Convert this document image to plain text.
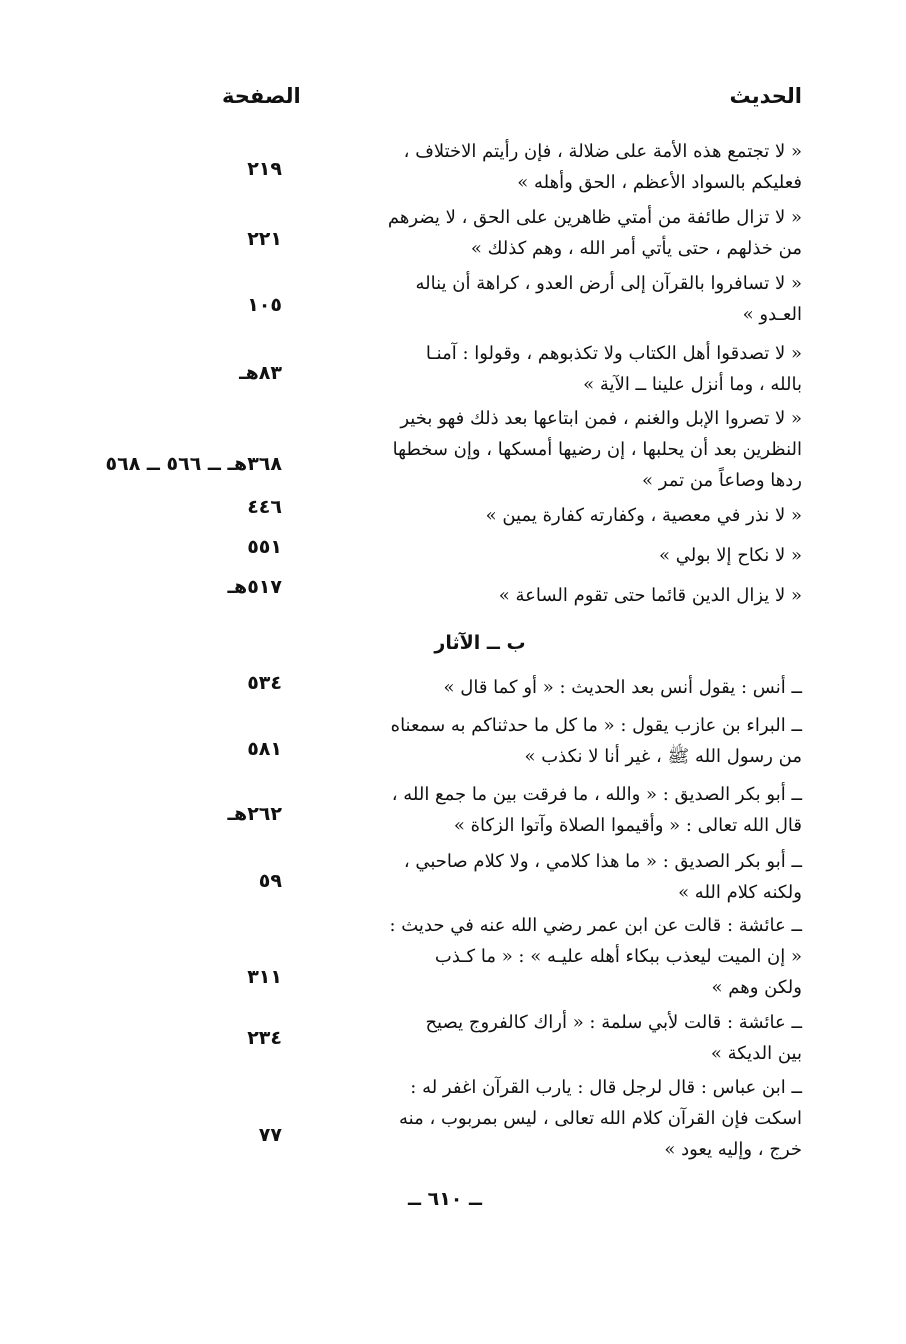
الحديث
الصفحة
« لا تجتمع هذه الأمة على ضلالة ، فإن رأيتم الاختلاف ،
فعليكم بالسواد الأعظم ، الحق وأهله »
٢١٩
« لا تزال طائفة من أمتي ظاهرين على الحق ، لا يضرهم
من خذلهم ، حتى يأتي أمر الله ، وهم كذلك »
٢٢١
« لا تسافروا بالقرآن إلى أرض العدو ، كراهة أن يناله
العـدو »
١٠٥
« لا تصدقوا أهل الكتاب ولا تكذبوهم ، وقولوا : آمنـا
بالله ، وما أنزل علينا ــ الآية »
٨٣هـ
« لا تصروا الإبل والغنم ، فمن ابتاعها بعد ذلك فهو بخير
النظرين بعد أن يحلبها ، إن رضيها أمسكها ، وإن سخطها
ردها وصاعاً من تمر »
٣٦٨هـ ــ ٥٦٦ ــ ٥٦٨
« لا نذر في معصية ، وكفارته كفارة يمين »
٤٤٦
« لا نكاح إلا بولي »
٥٥١
« لا يزال الدين قائما حتى تقوم الساعة »
٥١٧هـ
ب ــ الآثار
ــ أنس : يقول أنس بعد الحديث : « أو كما قال »
٥٣٤
ــ البراء بن عازب يقول : « ما كل ما حدثناكم به سمعناه
من رسول الله ﷺ ، غير أنا لا نكذب »
٥٨١
ــ أبو بكر الصديق : « والله ، ما فرقت بين ما جمع الله ،
قال الله تعالى : « وأقيموا الصلاة وآتوا الزكاة »
٢٦٢هـ
ــ أبو بكر الصديق : « ما هذا كلامي ، ولا كلام صاحبي ،
ولكنه كلام الله »
٥٩
ــ عائشة : قالت عن ابن عمر رضي الله عنه في حديث :
« إن الميت ليعذب ببكاء أهله عليـه » : « ما كـذب
ولكن وهم »
٣١١
ــ عائشة : قالت لأبي سلمة : « أراك كالفروج يصيح
بين الديكة »
٢٣٤
ــ ابن عباس : قال لرجل قال : يارب القرآن اغفر له :
اسكت فإن القرآن كلام الله تعالى ، ليس بمربوب ، منه
خرج ، وإليه يعود »
٧٧
ــ ٦١٠ ــ
